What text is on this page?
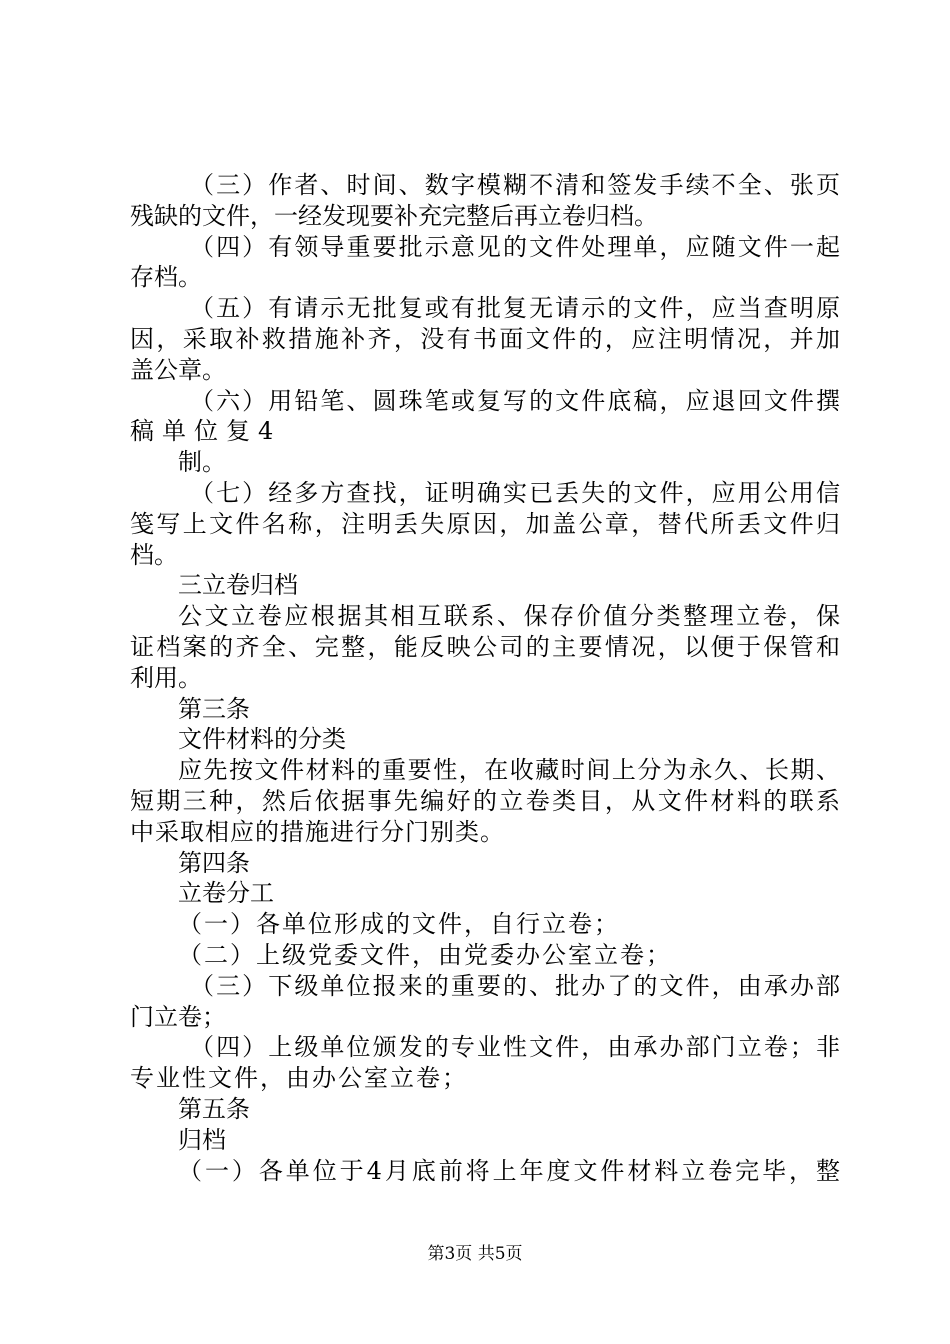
（三）作者、时间、数字模糊不清和签发手续不全、张页
残缺的文件，一经发现要补充完整后再立卷归档。
（四）有领导重要批示意见的文件处理单，应随文件一起
存档。
（五）有请示无批复或有批复无请示的文件，应当查明原
因，采取补救措施补齐，没有书面文件的，应注明情况，并加
盖公章。
（六）用铅笔、圆珠笔或复写的文件底稿，应退回文件撰
稿单位复4
制。
（七）经多方查找，证明确实已丢失的文件，应用公用信
笺写上文件名称，注明丢失原因，加盖公章，替代所丢文件归
档。
三立卷归档
公文立卷应根据其相互联系、保存价值分类整理立卷，保
证档案的齐全、完整，能反映公司的主要情况，以便于保管和
利用。
第三条
文件材料的分类
应先按文件材料的重要性，在收藏时间上分为永久、长期、
短期三种，然后依据事先编好的立卷类目，从文件材料的联系
中采取相应的措施进行分门别类。
第四条
立卷分工
（一）各单位形成的文件，自行立卷；
（二）上级党委文件，由党委办公室立卷；
（三）下级单位报来的重要的、批办了的文件，由承办部
门立卷；
（四）上级单位颁发的专业性文件，由承办部门立卷；非
专业性文件，由办公室立卷；
第五条
归档
（一）各单位于4月底前将上年度文件材料立卷完毕，整
第3页 共5页
